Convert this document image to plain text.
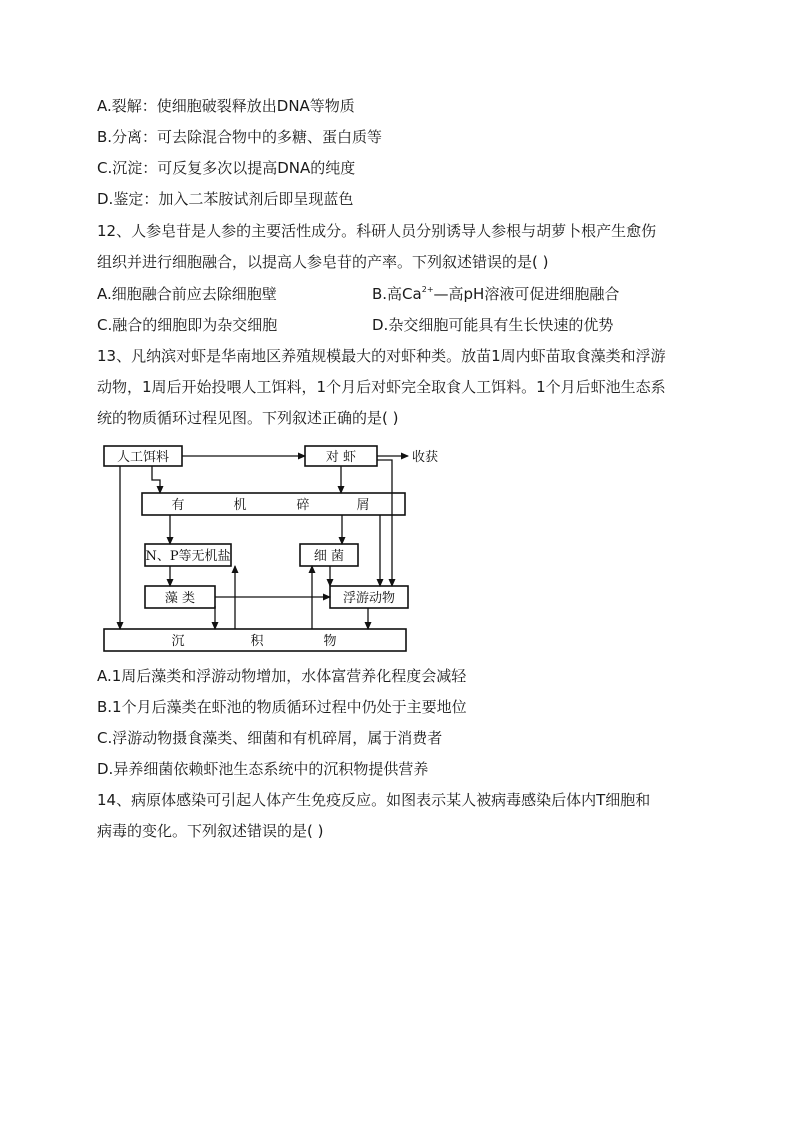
A.裂解：使细胞破裂释放出DNA等物质
B.分离：可去除混合物中的多糖、蛋白质等
C.沉淀：可反复多次以提高DNA的纯度
D.鉴定：加入二苯胺试剂后即呈现蓝色
12、人参皂苷是人参的主要活性成分。科研人员分别诱导人参根与胡萝卜根产生愈伤
组织并进行细胞融合，以提高人参皂苷的产率。下列叙述错误的是( )
A.细胞融合前应去除细胞壁	B.高$Ca^{2+}—$高pH溶液可促进细胞融合
C.融合的细胞即为杂交细胞	D.杂交细胞可能具有生长快速的优势
13、凡纳滨对虾是华南地区养殖规模最大的对虾种类。放苗1周内虾苗取食藻类和浮游
动物，1周后开始投喂人工饵料，1个月后对虾完全取食人工饵料。1个月后虾池生态系
统的物质循环过程见图。下列叙述正确的是( )
人工饵料	对 虾	收获
有	机	碎	屑
N、P等无机盐	细 菌
藻 类	浮游动物
沉	积	物
A.1周后藻类和浮游动物增加，水体富营养化程度会减轻
B.1个月后藻类在虾池的物质循环过程中仍处于主要地位
C.浮游动物摄食藻类、细菌和有机碎屑，属于消费者
D.异养细菌依赖虾池生态系统中的沉积物提供营养
14、病原体感染可引起人体产生免疫反应。如图表示某人被病毒感染后体内T细胞和
病毒的变化。下列叙述错误的是( )
